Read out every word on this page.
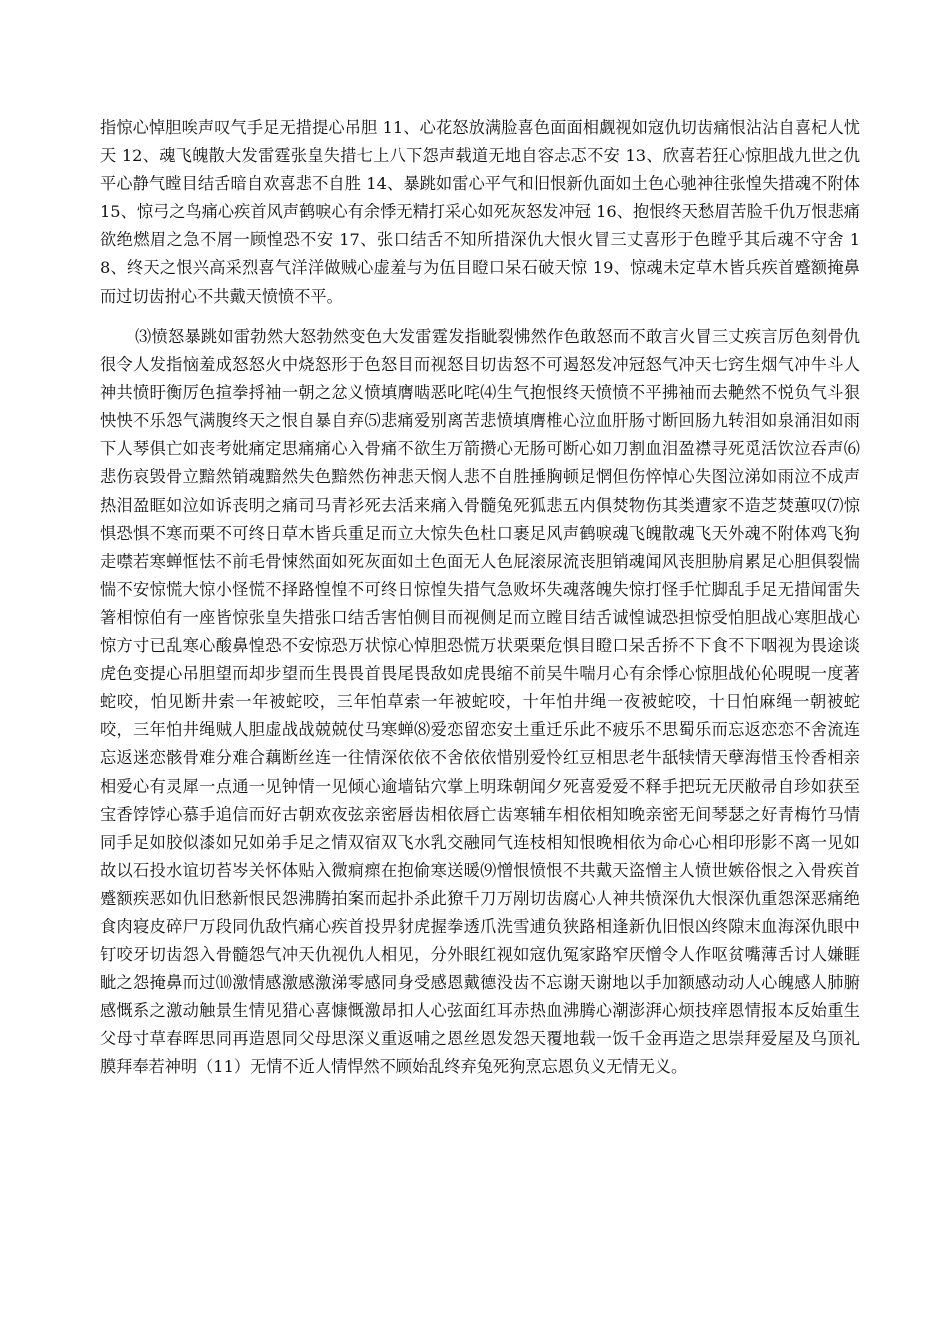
指惊心悼胆唉声叹气手足无措提心吊胆 11、心花怒放满脸喜色面面相觑视如寇仇切齿痛恨沾沾自喜杞人忧天 12、魂飞魄散大发雷霆张皇失措七上八下怨声载道无地自容忐忑不安 13、欣喜若狂心惊胆战九世之仇平心静气瞠目结舌暗自欢喜悲不自胜 14、暴跳如雷心平气和旧恨新仇面如土色心驰神往张惶失措魂不附体 15、惊弓之鸟痛心疾首风声鹤唳心有余悸无精打采心如死灰怒发冲冠 16、抱恨终天愁眉苦脸千仇万恨悲痛欲绝燃眉之急不屑一顾惶恐不安 17、张口结舌不知所措深仇大恨火冒三丈喜形于色瞠乎其后魂不守舍 18、终天之恨兴高采烈喜气洋洋做贼心虚羞与为伍目瞪口呆石破天惊 19、惊魂未定草木皆兵疾首蹙额掩鼻而过切齿拊心不共戴天愤愤不平。

⑶愤怒暴跳如雷勃然大怒勃然变色大发雷霆发指眦裂怫然作色敢怒而不敢言火冒三丈疾言厉色刻骨仇很令人发指恼羞成怒怒火中烧怒形于色怒目而视怒目切齿怒不可遏怒发冲冠怒气冲天七窍生烟气冲牛斗人神共愤盱衡厉色揎拳捋袖一朝之忿义愤填膺啮恶叱咤⑷生气抱恨终天愤愤不平拂袖而去艴然不悦负气斗狠怏怏不乐怨气满腹终天之恨自暴自弃⑸悲痛爱别离苦悲愤填膺椎心泣血肝肠寸断回肠九转泪如泉涌泪如雨下人琴俱亡如丧考妣痛定思痛痛心入骨痛不欲生万箭攒心无肠可断心如刀割血泪盈襟寻死觅活饮泣吞声⑹悲伤哀毁骨立黯然销魂黯然失色黯然伤神悲天悯人悲不自胜捶胸顿足惘但伤悴悼心失图泣涕如雨泣不成声热泪盈眶如泣如诉丧明之痛司马青衫死去活来痛入骨髓兔死狐悲五内俱焚物伤其类遭家不造芝焚蕙叹⑺惊惧恐惧不寒而栗不可终日草木皆兵重足而立大惊失色杜口裹足风声鹤唳魂飞魄散魂飞天外魂不附体鸡飞狗走噤若寒蝉恇怯不前毛骨悚然面如死灰面如土色面无人色屁滚尿流丧胆销魂闻风丧胆胁肩累足心胆俱裂惴惴不安惊慌大惊小怪慌不择路惶惶不可终日惊惶失措气急败坏失魂落魄失惊打怪手忙脚乱手足无措闻雷失箸相惊伯有一座皆惊张皇失措张口结舌害怕侧目而视侧足而立瞠目结舌诚惶诚恐担惊受怕胆战心寒胆战心惊方寸已乱寒心酸鼻惶恐不安惊恐万状惊心悼胆恐慌万状栗栗危惧目瞪口呆舌挢不下食不下咽视为畏途谈虎色变提心吊胆望而却步望而生畏畏首畏尾畏敌如虎畏缩不前吴牛喘月心有余悸心惊胆战伈伈晛晛一度著蛇咬，怕见断井索一年被蛇咬，三年怕草索一年被蛇咬，十年怕井绳一夜被蛇咬，十日怕麻绳一朝被蛇咬，三年怕井绳贼人胆虚战战兢兢仗马寒蝉⑻爱恋留恋安土重迁乐此不疲乐不思蜀乐而忘返恋恋不舍流连忘返迷恋骸骨难分难合藕断丝连一往情深依依不舍依依惜别爱怜红豆相思老牛舐犊情天孽海惜玉怜香相亲相爱心有灵犀一点通一见钟情一见倾心逾墙钻穴掌上明珠朝闻夕死喜爱爱不释手把玩无厌敝帚自珍如获至宝香饽饽心慕手追信而好古朝欢夜弦亲密唇齿相依唇亡齿寒辅车相依相知晚亲密无间琴瑟之好青梅竹马情同手足如胶似漆如兄如弟手足之情双宿双飞水乳交融同气连枝相知恨晚相依为命心心相印形影不离一见如故以石投水谊切苔岑关怀体贴入微痌瘝在抱偷寒送暖⑼憎恨愤恨不共戴天盗憎主人愤世嫉俗恨之入骨疾首蹙额疾恶如仇旧愁新恨民怨沸腾拍案而起扑杀此獠千刀万剐切齿腐心人神共愤深仇大恨深仇重怨深恶痛绝食肉寝皮碎尸万段同仇敌忾痛心疾首投畀豺虎握拳透爪洗雪逋负狭路相逢新仇旧恨凶终隙末血海深仇眼中钉咬牙切齿怨入骨髓怨气冲天仇视仇人相见，分外眼红视如寇仇冤家路窄厌憎令人作呕贫嘴薄舌讨人嫌睚眦之怨掩鼻而过⑽激情感激感激涕零感同身受感恩戴德没齿不忘谢天谢地以手加额感动动人心魄感人肺腑感慨系之激动触景生情见猎心喜慷慨激昂扣人心弦面红耳赤热血沸腾心潮澎湃心烦技痒恩情报本反始重生父母寸草春晖思同再造恩同父母思深义重返哺之恩丝恩发怨天覆地载一饭千金再造之思崇拜爱屋及乌顶礼膜拜奉若神明（11）无情不近人情悍然不顾始乱终弃兔死狗烹忘恩负义无情无义。
